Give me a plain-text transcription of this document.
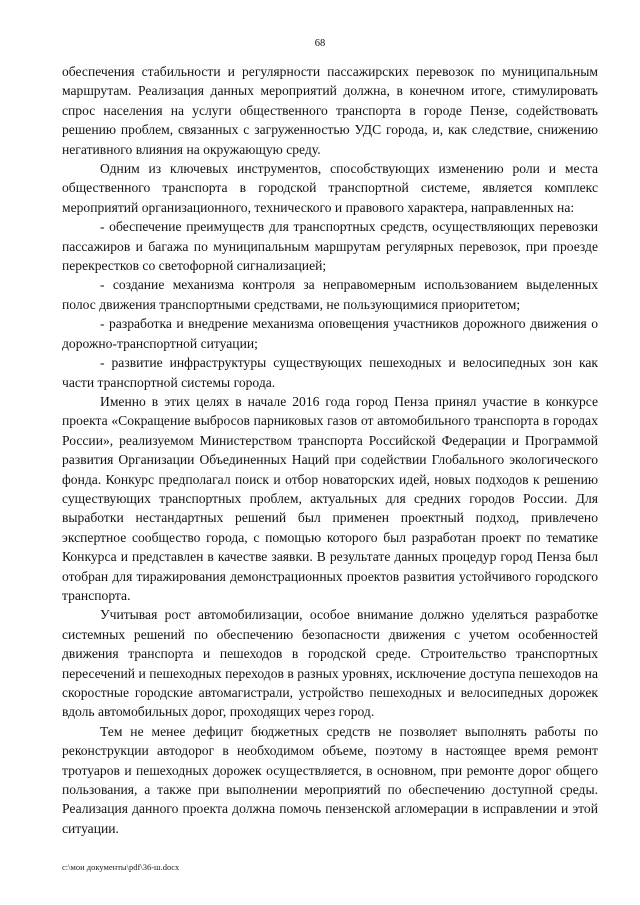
68

обеспечения стабильности и регулярности пассажирских перевозок по муниципальным маршрутам. Реализация данных мероприятий должна, в конечном итоге, стимулировать спрос населения на услуги общественного транспорта в городе Пензе, содействовать решению проблем, связанных с загруженностью УДС города, и, как следствие, снижению негативного влияния на окружающую среду.

Одним из ключевых инструментов, способствующих изменению роли и места общественного транспорта в городской транспортной системе, является комплекс мероприятий организационного, технического и правового характера, направленных на:

- обеспечение преимуществ для транспортных средств, осуществляющих перевозки пассажиров и багажа по муниципальным маршрутам регулярных перевозок, при проезде перекрестков со светофорной сигнализацией;

- создание механизма контроля за неправомерным использованием выделенных полос движения транспортными средствами, не пользующимися приоритетом;

- разработка и внедрение механизма оповещения участников дорожного движения о дорожно-транспортной ситуации;

- развитие инфраструктуры существующих пешеходных и велосипедных зон как части транспортной системы города.

Именно в этих целях в начале 2016 года город Пенза принял участие в конкурсе проекта «Сокращение выбросов парниковых газов от автомобильного транспорта в городах России», реализуемом Министерством транспорта Российской Федерации и Программой развития Организации Объединенных Наций при содействии Глобального экологического фонда. Конкурс предполагал поиск и отбор новаторских идей, новых подходов к решению существующих транспортных проблем, актуальных для средних городов России. Для выработки нестандартных решений был применен проектный подход, привлечено экспертное сообщество города, с помощью которого был разработан проект по тематике Конкурса и представлен в качестве заявки. В результате данных процедур город Пенза был отобран для тиражирования демонстрационных проектов развития устойчивого городского транспорта.

Учитывая рост автомобилизации, особое внимание должно уделяться разработке системных решений по обеспечению безопасности движения с учетом особенностей движения транспорта и пешеходов в городской среде. Строительство транспортных пересечений и пешеходных переходов в разных уровнях, исключение доступа пешеходов на скоростные городские автомагистрали, устройство пешеходных и велосипедных дорожек вдоль автомобильных дорог, проходящих через город.

Тем не менее дефицит бюджетных средств не позволяет выполнять работы по реконструкции автодорог в необходимом объеме, поэтому в настоящее время ремонт тротуаров и пешеходных дорожек осуществляется, в основном, при ремонте дорог общего пользования, а также при выполнении мероприятий по обеспечению доступной среды. Реализация данного проекта должна помочь пензенской агломерации в исправлении и этой ситуации.

c:\мои документы\pdf\36-ш.docx
